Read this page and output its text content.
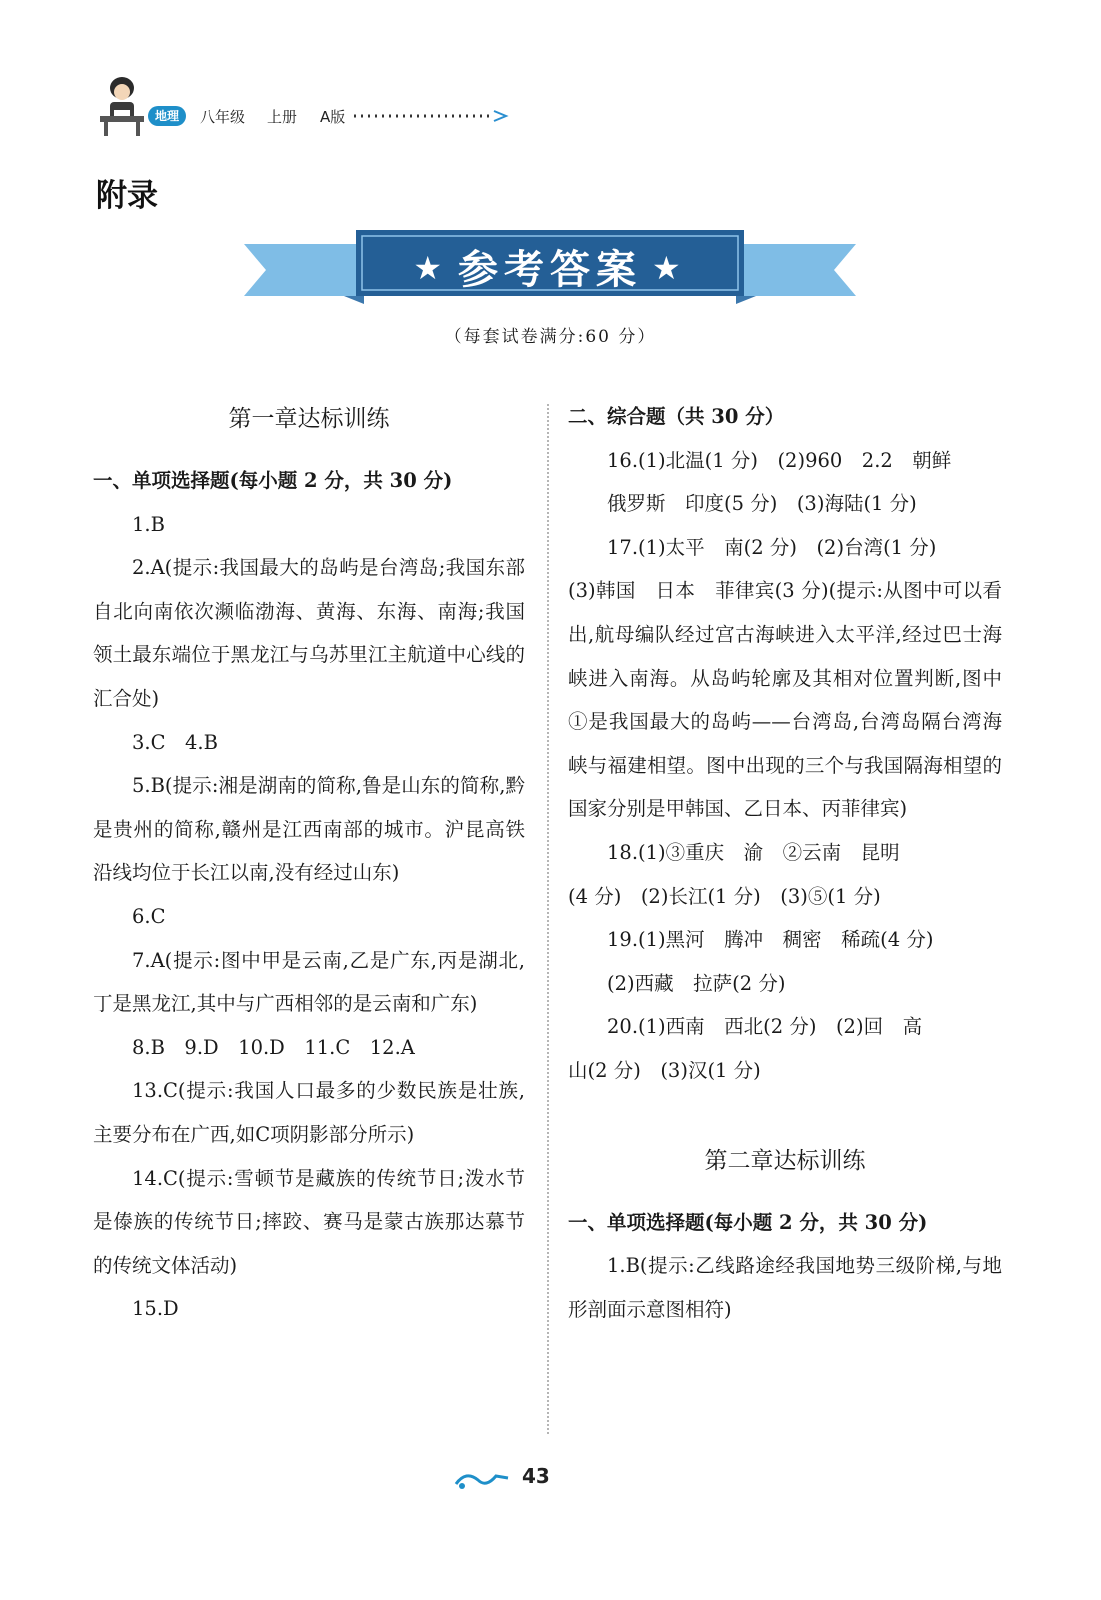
地理	八年级 上册 A版
附录
★ 参考答案 ★
（每套试卷满分:60 分）
第一章达标训练

一、单项选择题(每小题 2 分，共 30 分)

1.B

2.A(提示:我国最大的岛屿是台湾岛;我国东部自北向南依次濒临渤海、黄海、东海、南海;我国领土最东端位于黑龙江与乌苏里江主航道中心线的汇合处)

3.C　4.B

5.B(提示:湘是湖南的简称,鲁是山东的简称,黔是贵州的简称,赣州是江西南部的城市。沪昆高铁沿线均位于长江以南,没有经过山东)

6.C

7.A(提示:图中甲是云南,乙是广东,丙是湖北,丁是黑龙江,其中与广西相邻的是云南和广东)

8.B　9.D　10.D　11.C　12.A

13.C(提示:我国人口最多的少数民族是壮族,主要分布在广西,如C项阴影部分所示)

14.C(提示:雪顿节是藏族的传统节日;泼水节是傣族的传统节日;摔跤、赛马是蒙古族那达慕节的传统文体活动)

15.D

二、综合题（共 30 分）

16.(1)北温(1 分)　(2)960　2.2　朝鲜

俄罗斯　印度(5 分)　(3)海陆(1 分)

17.(1)太平　南(2 分)　(2)台湾(1 分)

(3)韩国　日本　菲律宾(3 分)(提示:从图中可以看出,航母编队经过宫古海峡进入太平洋,经过巴士海峡进入南海。从岛屿轮廓及其相对位置判断,图中①是我国最大的岛屿——台湾岛,台湾岛隔台湾海峡与福建相望。图中出现的三个与我国隔海相望的国家分别是甲韩国、乙日本、丙菲律宾)

18.(1)③重庆　渝　②云南　昆明

(4 分)　(2)长江(1 分)　(3)⑤(1 分)

19.(1)黑河　腾冲　稠密　稀疏(4 分)

(2)西藏　拉萨(2 分)

20.(1)西南　西北(2 分)　(2)回　高

山(2 分)　(3)汉(1 分)

第二章达标训练

一、单项选择题(每小题 2 分，共 30 分)

1.B(提示:乙线路途经我国地势三级阶梯,与地形剖面示意图相符)

43
